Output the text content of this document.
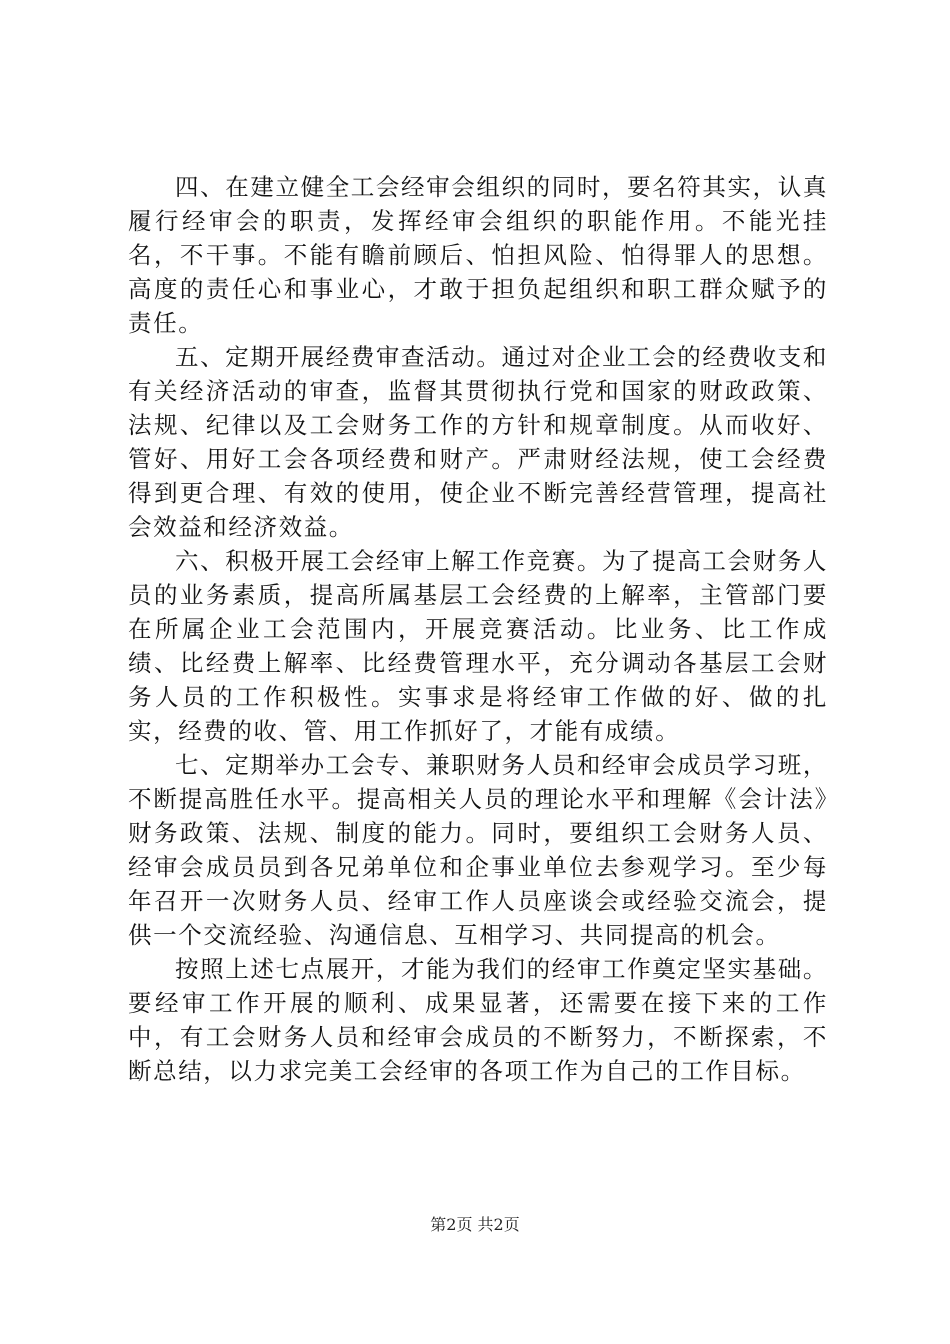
四、在建立健全工会经审会组织的同时，要名符其实，认真履行经审会的职责，发挥经审会组织的职能作用。不能光挂名，不干事。不能有瞻前顾后、怕担风险、怕得罪人的思想。高度的责任心和事业心，才敢于担负起组织和职工群众赋予的责任。

五、定期开展经费审查活动。通过对企业工会的经费收支和有关经济活动的审查，监督其贯彻执行党和国家的财政政策、法规、纪律以及工会财务工作的方针和规章制度。从而收好、管好、用好工会各项经费和财产。严肃财经法规，使工会经费得到更合理、有效的使用，使企业不断完善经营管理，提高社会效益和经济效益。

六、积极开展工会经审上解工作竞赛。为了提高工会财务人员的业务素质，提高所属基层工会经费的上解率，主管部门要在所属企业工会范围内，开展竞赛活动。比业务、比工作成绩、比经费上解率、比经费管理水平，充分调动各基层工会财务人员的工作积极性。实事求是将经审工作做的好、做的扎实，经费的收、管、用工作抓好了，才能有成绩。

七、定期举办工会专、兼职财务人员和经审会成员学习班，不断提高胜任水平。提高相关人员的理论水平和理解《会计法》财务政策、法规、制度的能力。同时，要组织工会财务人员、经审会成员员到各兄弟单位和企事业单位去参观学习。至少每年召开一次财务人员、经审工作人员座谈会或经验交流会，提供一个交流经验、沟通信息、互相学习、共同提高的机会。

按照上述七点展开，才能为我们的经审工作奠定坚实基础。要经审工作开展的顺利、成果显著，还需要在接下来的工作中，有工会财务人员和经审会成员的不断努力，不断探索，不断总结，以力求完美工会经审的各项工作为自己的工作目标。

第2页 共2页
